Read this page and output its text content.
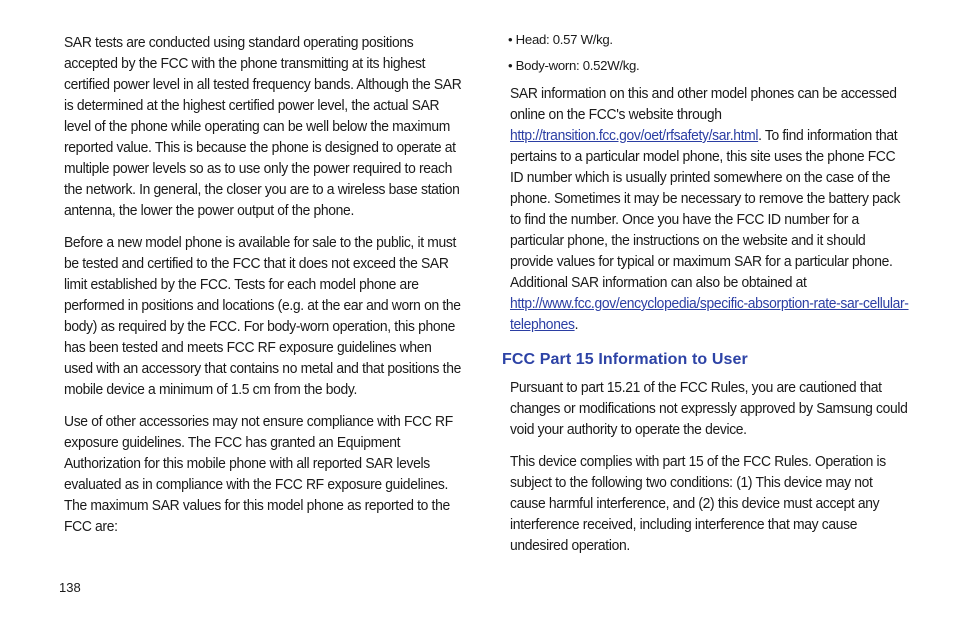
SAR tests are conducted using standard operating positions accepted by the FCC with the phone transmitting at its highest certified power level in all tested frequency bands. Although the SAR is determined at the highest certified power level, the actual SAR level of the phone while operating can be well below the maximum reported value. This is because the phone is designed to operate at multiple power levels so as to use only the power required to reach the network. In general, the closer you are to a wireless base station antenna, the lower the power output of the phone.

Before a new model phone is available for sale to the public, it must be tested and certified to the FCC that it does not exceed the SAR limit established by the FCC. Tests for each model phone are performed in positions and locations (e.g. at the ear and worn on the body) as required by the FCC. For body-worn operation, this phone has been tested and meets FCC RF exposure guidelines when used with an accessory that contains no metal and that positions the mobile device a minimum of 1.5 cm from the body.

Use of other accessories may not ensure compliance with FCC RF exposure guidelines. The FCC has granted an Equipment Authorization for this mobile phone with all reported SAR levels evaluated as in compliance with the FCC RF exposure guidelines. The maximum SAR values for this model phone as reported to the FCC are:

• Head: 0.57 W/kg.
• Body-worn: 0.52W/kg.

SAR information on this and other model phones can be accessed online on the FCC's website through http://transition.fcc.gov/oet/rfsafety/sar.html. To find information that pertains to a particular model phone, this site uses the phone FCC ID number which is usually printed somewhere on the case of the phone. Sometimes it may be necessary to remove the battery pack to find the number. Once you have the FCC ID number for a particular phone, the instructions on the website and it should provide values for typical or maximum SAR for a particular phone. Additional SAR information can also be obtained at http://www.fcc.gov/encyclopedia/specific-absorption-rate-sar-cellular-telephones.

FCC Part 15 Information to User

Pursuant to part 15.21 of the FCC Rules, you are cautioned that changes or modifications not expressly approved by Samsung could void your authority to operate the device.

This device complies with part 15 of the FCC Rules. Operation is subject to the following two conditions: (1) This device may not cause harmful interference, and (2) this device must accept any interference received, including interference that may cause undesired operation.

138
